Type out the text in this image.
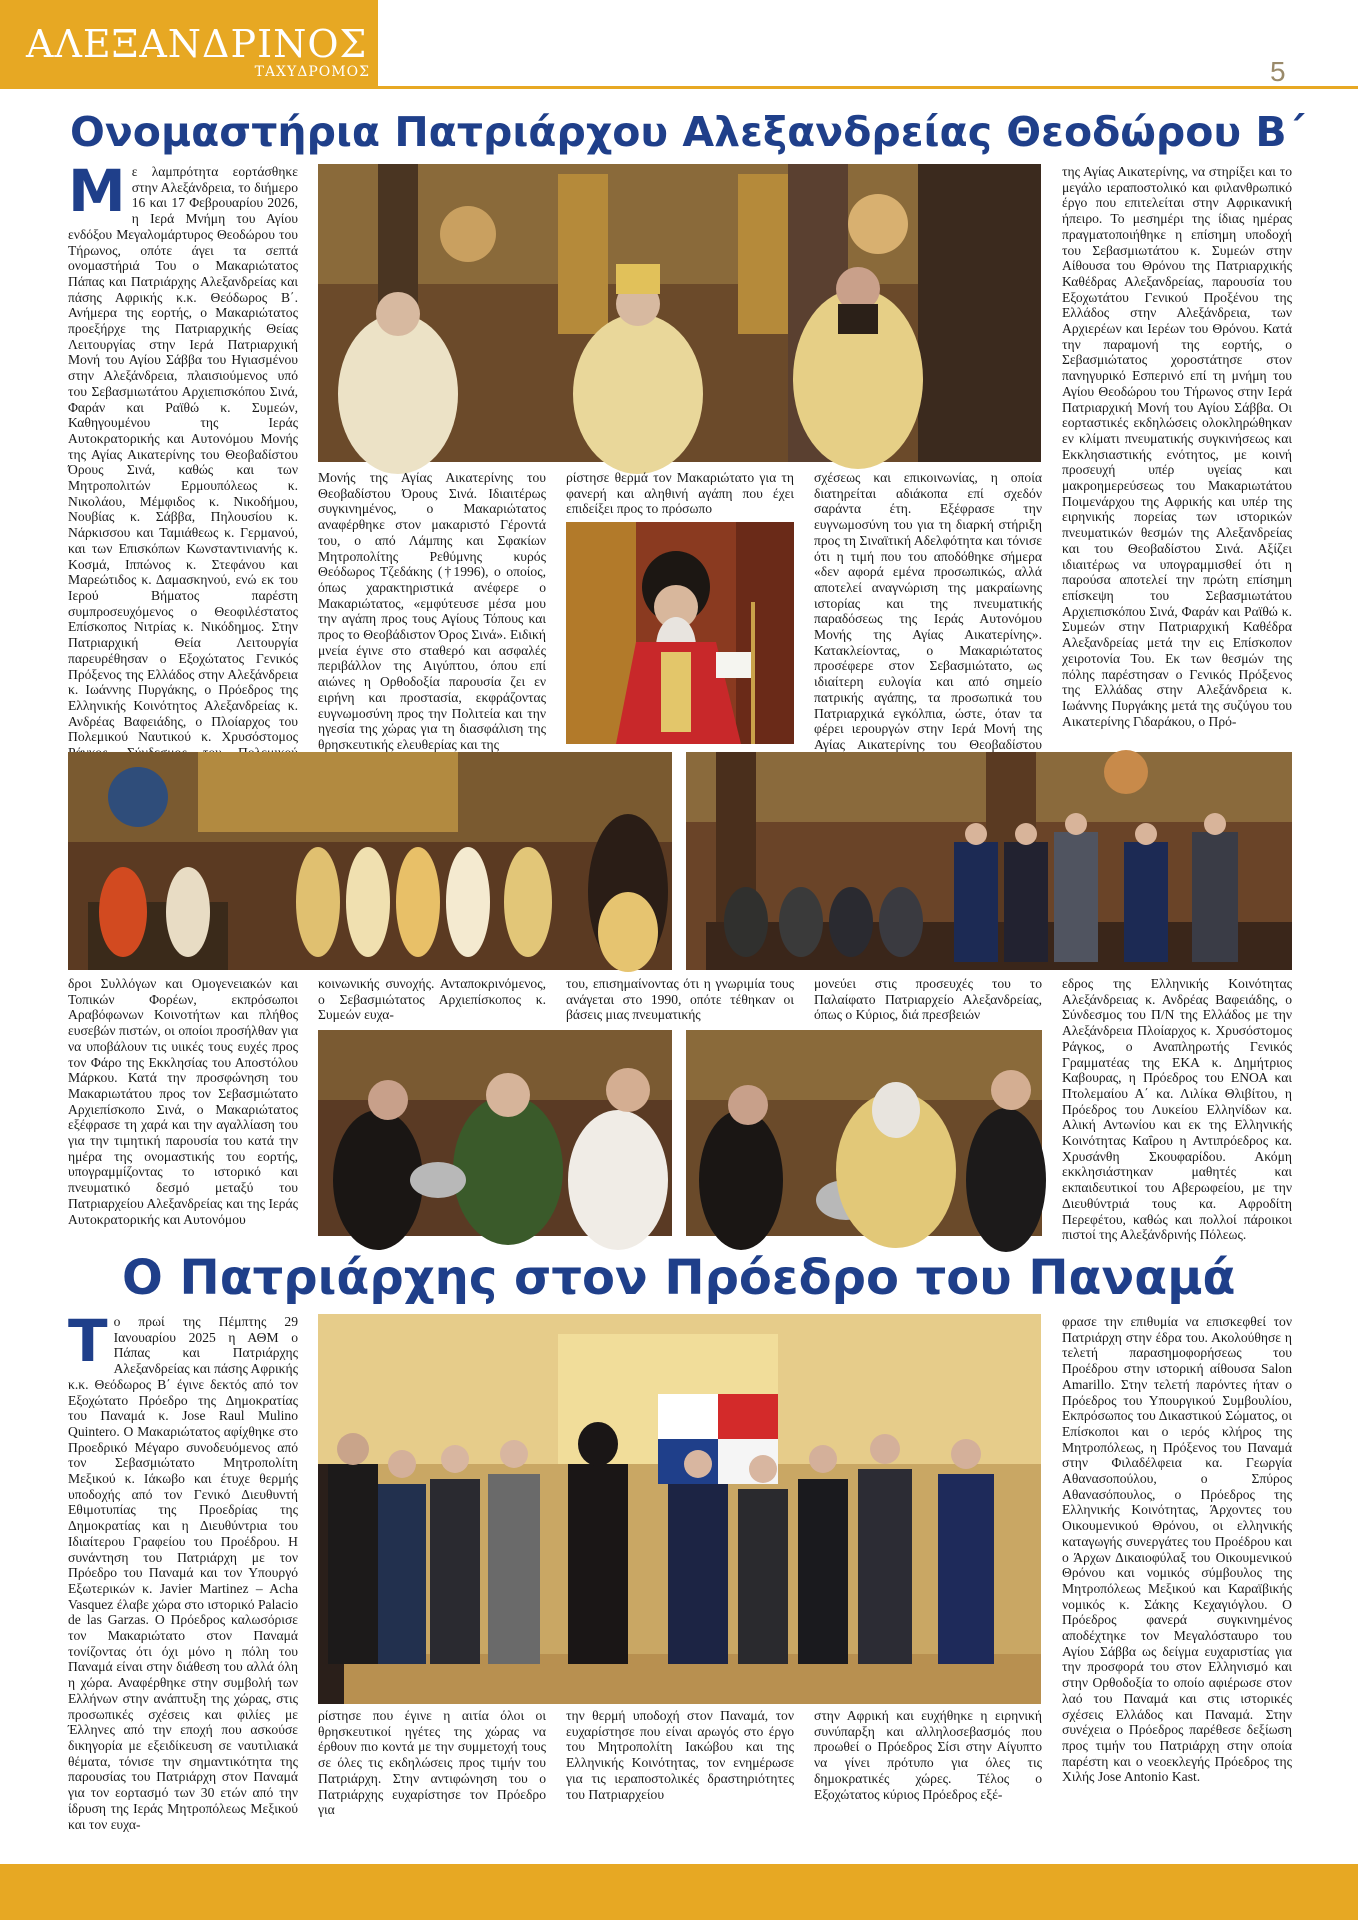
ΑΛΕΞΑΝΔΡΙΝΟΣ
ΤΑΧΥΔΡΟΜΟΣ	5
Ονομαστήρια Πατριάρχου Αλεξανδρείας Θεοδώρου Β΄
Μ ε λαμπρότητα εορτάσθηκε στην Αλεξάνδρεια, το διήμερο 16 και 17 Φεβρουαρίου 2026, η Ιερά Μνήμη του Αγίου ενδόξου Μεγαλομάρτυρος Θεοδώρου του Τήρωνος, οπότε άγει τα σεπτά ονομαστήριά Του ο Μακαριώτατος Πάπας και Πατριάρχης Αλεξανδρείας και πάσης Αφρικής κ.κ. Θεόδωρος Β΄. Ανήμερα της εορτής, ο Μακαριώτατος προεξήρχε της Πατριαρχικής Θείας Λειτουργίας στην Ιερά Πατριαρχική Μονή του Αγίου Σάββα του Ηγιασμένου στην Αλεξάνδρεια, πλαισιούμενος υπό του Σεβασμιωτάτου Αρχιεπισκόπου Σινά, Φαράν και Ραϊθώ κ. Συμεών, Καθηγουμένου της Ιεράς Αυτοκρατορικής και Αυτονόμου Μονής της Αγίας Αικατερίνης του Θεοβαδίστου Όρους Σινά, καθώς και των Μητροπολιτών Ερμουπόλεως κ. Νικολάου, Μέμφιδος κ. Νικοδήμου, Νουβίας κ. Σάββα, Πηλουσίου κ. Νάρκισσου και Ταμιάθεως κ. Γερμανού, και των Επισκόπων Κωνσταντινιανής κ. Κοσμά, Ιππώνος κ. Στεφάνου και Μαρεώτιδος κ. Δαμασκηνού, ενώ εκ του Ιερού Βήματος παρέστη συμπροσευχόμενος ο Θεοφιλέστατος Επίσκοπος Νιτρίας κ. Νικόδημος. Στην Πατριαρχική Θεία Λειτουργία παρευρέθησαν ο Εξοχώτατος Γενικός Πρόξενος της Ελλάδος στην Αλεξάνδρεια κ. Ιωάννης Πυργάκης, ο Πρόεδρος της Ελληνικής Κοινότητος Αλεξανδρείας κ. Ανδρέας Βαφειάδης, ο Πλοίαρχος του Πολεμικού Ναυτικού κ. Χρυσόστομος
Μονής της Αγίας Αικατερίνης του Θεοβαδίστου Όρους Σινά. Ιδιαιτέρως συγκινημένος, ο Μακαριώτατος αναφέρθηκε στον μακαριστό Γέροντά του, ο από Λάμπης και Σφακίων Μητροπολίτης Ρεθύμνης κυρός Θεόδωρος Τζεδάκης (†1996), ο οποίος, όπως χαρακτηριστικά ανέφερε ο Μακαριώτατος, «εμφύτευσε μέσα μου την αγάπη προς τους Αγίους Τόπους και προς το Θεοβάδιστον Όρος Σινά». Ειδική μνεία έγινε στο σταθερό και ασφαλές περιβάλλον της Αιγύπτου, όπου επί αιώνες η Ορθοδοξία παρουσία ζει εν ειρήνη και προστασία, εκφράζοντας ευγνωμοσύνη προς την Πολιτεία και την ηγεσία της χώρας για τη διασφάλιση της θρησκευτικής ελευθερίας και της
ρίστησε θερμά τον Μακαριώτατο για τη φανερή και αληθινή αγάπη που έχει επιδείξει προς το πρόσωπο
σχέσεως και επικοινωνίας, η οποία διατηρείται αδιάκοπα επί σχεδόν σαράντα έτη. Εξέφρασε την ευγνωμοσύνη του για τη διαρκή στήριξη προς τη Σιναϊτική Αδελφότητα και τόνισε ότι η τιμή που του αποδόθηκε σήμερα «δεν αφορά εμένα προσωπικώς, αλλά αποτελεί αναγνώριση της μακραίωνης ιστορίας και της πνευματικής παραδόσεως της Ιεράς Αυτονόμου Μονής της Αγίας Αικατερίνης». Κατακλείοντας, ο Μακαριώτατος προσέφερε στον Σεβασμιώτατο, ως ιδιαίτερη ευλογία και από σημείο πατρικής αγάπης, τα προσωπικά του Πατριαρχικά εγκόλπια, ώστε, όταν τα φέρει ιερουργών στην Ιερά Μονή της Αγίας Αικατερίνης του Θεοβαδίστου
της Αγίας Αικατερίνης, να στηρίξει και το μεγάλο ιεραποστολικό και φιλανθρωπικό έργο που επιτελείται στην Αφρικανική ήπειρο. Το μεσημέρι της ίδιας ημέρας πραγματοποιήθηκε η επίσημη υποδοχή του Σεβασμιωτάτου κ. Συμεών στην Αίθουσα του Θρόνου της Πατριαρχικής Καθέδρας Αλεξανδρείας, παρουσία του Εξοχωτάτου Γενικού Προξένου της Ελλάδος στην Αλεξάνδρεια, των Αρχιερέων και Ιερέων του Θρόνου. Κατά την παραμονή της εορτής, ο Σεβασμιώτατος χοροστάτησε στον πανηγυρικό Εσπερινό επί τη μνήμη του Αγίου Θεοδώρου του Τήρωνος στην Ιερά Πατριαρχική Μονή του Αγίου Σάββα. Οι εορταστικές εκδηλώσεις ολοκληρώθηκαν εν κλίματι πνευματικής συγκινήσεως και Εκκλησιαστικής ενότητος, με κοινή προσευχή υπέρ υγείας και μακροημερεύσεως του Μακαριωτάτου Ποιμενάρχου της Αφρικής και υπέρ της ειρηνικής πορείας των ιστορικών πνευματικών θεσμών της Αλεξανδρείας και του Θεοβαδίστου Σινά. Αξίζει ιδιαιτέρως να υπογραμμισθεί ότι η παρούσα αποτελεί την πρώτη επίσημη επίσκεψη του Σεβασμιωτάτου Αρχιεπισκόπου Σινά, Φαράν και Ραϊθώ κ. Συμεών στην Πατριαρχική Καθέδρα Αλεξανδρείας μετά την εις Επίσκοπον χειροτονία Του. Εκ των θεσμών της πόλης παρέστησαν ο Γενικός Πρόξενος της Ελλάδας στην Αλεξάνδρεια κ. Ιωάννης Πυργάκης μετά της συζύγου του Αικατερίνης Γιδαράκου, ο Πρό-
δροι Συλλόγων και Ομογενειακών και Τοπικών Φορέων, εκπρόσωποι Αραβόφωνων Κοινοτήτων και πλήθος ευσεβών πιστών, οι οποίοι προσήλθαν για να υποβάλουν τις υιικές τους ευχές προς τον Φάρο της Εκκλησίας του Αποστόλου Μάρκου. Κατά την προσφώνηση του Μακαριωτάτου προς τον Σεβασμιώτατο Αρχιεπίσκοπο Σινά, ο Μακαριώτατος εξέφρασε τη χαρά και την αγαλλίαση του για την τιμητική παρουσία του κατά την ημέρα της ονομαστικής του εορτής, υπογραμμίζοντας το ιστορικό και πνευματικό δεσμό μεταξύ του Πατριαρχείου Αλεξανδρείας και της Ιεράς Αυτοκρατορικής και Αυτονόμου
κοινωνικής συνοχής. Ανταποκρινόμενος, ο Σεβασμιώτατος Αρχιεπίσκοπος κ. Συμεών ευχα-
του, επισημαίνοντας ότι η γνωριμία τους ανάγεται στο 1990, οπότε τέθηκαν οι βάσεις μιας πνευματικής
μονεύει στις προσευχές του το Παλαίφατο Πατριαρχείο Αλεξανδρείας, όπως ο Κύριος, διά πρεσβειών
εδρος της Ελληνικής Κοινότητας Αλεξάνδρειας κ. Ανδρέας Βαφειάδης, ο Σύνδεσμος του Π/Ν της Ελλάδος με την Αλεξάνδρεια Πλοίαρχος κ. Χρυσόστομος Ράγκος, ο Αναπληρωτής Γενικός Γραμματέας της ΕΚΑ κ. Δημήτριος Καβουρας, η Πρόεδρος του ΕΝΟΑ και Πτολεμαίου Α΄ κα. Λιλίκα Θλιβίτου, η Πρόεδρος του Λυκείου Ελληνίδων κα. Αλική Αντωνίου και εκ της Ελληνικής Κοινότητας Καΐρου η Αντιπρόεδρος κα. Χρυσάνθη Σκουφαρίδου. Ακόμη εκκλησιάστηκαν μαθητές και εκπαιδευτικοί του Αβερωφείου, με την Διευθύντριά τους κα. Αφροδίτη Περεφέτου, καθώς και πολλοί πάροικοι πιστοί της Αλεξάνδρινής Πόλεως.
Ο Πατριάρχης στον Πρόεδρο του Παναμά
Τ ο πρωί της Πέμπτης 29 Ιανουαρίου 2025 η ΑΘΜ ο Πάπας και Πατριάρχης Αλεξανδρείας και πάσης Αφρικής κ.κ. Θεόδωρος Β΄ έγινε δεκτός από τον Εξοχώτατο Πρόεδρο της Δημοκρατίας του Παναμά κ. Jose Raul Mulino Quintero. Ο Μακαριώτατος αφίχθηκε στο Προεδρικό Μέγαρο συνοδευόμενος από τον Σεβασμιώτατο Μητροπολίτη Μεξικού κ. Ιάκωβο και έτυχε θερμής υποδοχής από τον Γενικό Διευθυντή Εθιμοτυπίας της Προεδρίας της Δημοκρατίας και η Διευθύντρια του Ιδιαίτερου Γραφείου του Προέδρου. Η συνάντηση του Πατριάρχη με τον Πρόεδρο του Παναμά και τον Υπουργό Εξωτερικών κ. Javier Martinez – Acha Vasquez έλαβε χώρα στο ιστορικό Palacio de las Garzas. Ο Πρόεδρος καλωσόρισε τον Μακαριώτατο στον Παναμά τονίζοντας ότι όχι μόνο η πόλη του Παναμά είναι στην διάθεση του αλλά όλη η χώρα. Αναφέρθηκε στην συμβολή των Ελλήνων στην ανάπτυξη της χώρας, στις προσωπικές σχέσεις και φιλίες με Έλληνες από την εποχή που ασκούσε δικηγορία με εξειδίκευση σε ναυτιλιακά θέματα, τόνισε την σημαντικότητα της παρουσίας του Πατριάρχη στον Παναμά για τον εορτασμό των 30 ετών από την ίδρυση της Ιεράς Μητροπόλεως Μεξικού και τον ευχα-
ρίστησε που έγινε η αιτία όλοι οι θρησκευτικοί ηγέτες της χώρας να έρθουν πιο κοντά με την συμμετοχή τους σε όλες τις εκδηλώσεις προς τιμήν του Πατριάρχη. Στην αντιφώνηση του ο Πατριάρχης ευχαρίστησε τον Πρόεδρο για
την θερμή υποδοχή στον Παναμά, τον ευχαρίστησε που είναι αρωγός στο έργο του Μητροπολίτη Ιακώβου και της Ελληνικής Κοινότητας, τον ενημέρωσε για τις ιεραποστολικές δραστηριότητες του Πατριαρχείου
στην Αφρική και ευχήθηκε η ειρηνική συνύπαρξη και αλληλοσεβασμός που προωθεί ο Πρόεδρος Σίσι στην Αίγυπτο να γίνει πρότυπο για όλες τις δημοκρατικές χώρες. Τέλος ο Εξοχώτατος κύριος Πρόεδρος εξέ-
φρασε την επιθυμία να επισκεφθεί τον Πατριάρχη στην έδρα του. Ακολούθησε η τελετή παρασημοφορήσεως του Προέδρου στην ιστορική αίθουσα Salon Amarillo. Στην τελετή παρόντες ήταν ο Πρόεδρος του Υπουργικού Συμβουλίου, Εκπρόσωπος του Δικαστικού Σώματος, οι Επίσκοποι και ο ιερός κλήρος της Μητροπόλεως, η Πρόξενος του Παναμά στην Φιλαδέλφεια κα. Γεωργία Αθανασοπούλου, ο Σπύρος Αθανασόπουλος, ο Πρόεδρος της Ελληνικής Κοινότητας, Άρχοντες του Οικουμενικού Θρόνου, οι ελληνικής καταγωγής συνεργάτες του Προέδρου και ο Άρχων Δικαιοφύλαξ του Οικουμενικού Θρόνου και νομικός σύμβουλος της Μητροπόλεως Μεξικού και Καραϊβικής νομικός κ. Σάκης Κεχαγιόγλου. Ο Πρόεδρος φανερά συγκινημένος αποδέχτηκε τον Μεγαλόσταυρο του Αγίου Σάββα ως δείγμα ευχαριστίας για την προσφορά του στον Ελληνισμό και στην Ορθοδοξία το οποίο αφιέρωσε στον λαό του Παναμά και στις ιστορικές σχέσεις Ελλάδος και Παναμά. Στην συνέχεια ο Πρόεδρος παρέθεσε δεξίωση προς τιμήν του Πατριάρχη στην οποία παρέστη και ο νεοεκλεγής Πρόεδρος της Χιλής Jose Antonio Kast.
